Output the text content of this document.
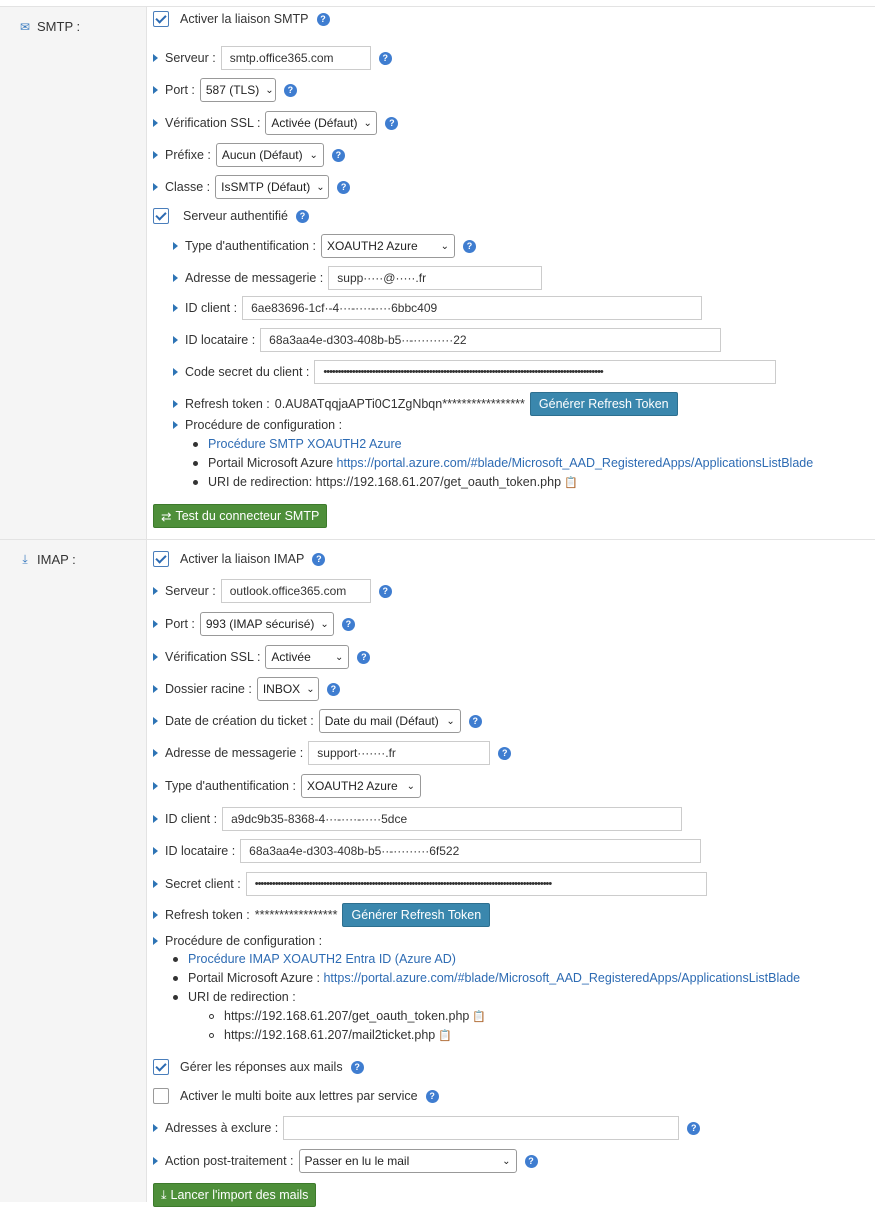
✉ SMTP :	Activer la liaison SMTP	?
Serveur :	smtp.office365.com	?
Port : 587 (TLS) ⌄	?
Vérification SSL : Activée (Défaut) ⌄	?
Préfixe : Aucun (Défaut) ⌄	?
Classe : IsSMTP (Défaut) ⌄	?
Serveur authentifié	?
Type d'authentification : XOAUTH2 Azure ⌄	?
Adresse de messagerie :	supp·····@·····.fr
ID client :	6ae83696-1cf·-4···-····-····6bbc409
ID locataire :	68a3aa4e-d303-408b-b5··-··········22
Code secret du client :	••••••••••••••••••••••••••••••••••••••••••••••••••••••••••••••••••••••••••••••••••••••••••••••••••
Refresh token : 0.AU8ATqqjaAPTi0C1ZgNbqn*****************	Générer Refresh Token
Procédure de configuration :
Procédure SMTP XOAUTH2 Azure
Portail Microsoft Azure
https://portal.azure.com/#blade/Microsoft_AAD_RegisteredApps/ApplicationsListBlade
URI de redirection: https://192.168.61.207/get_oauth_token.php 📋
⇄ Test du connecteur SMTP
⤓ IMAP :	Activer la liaison IMAP	?
Serveur :	outlook.office365.com	?
Port : 993 (IMAP sécurisé) ⌄	?
Vérification SSL : Activée ⌄	?
Dossier racine : INBOX ⌄	?
Date de création du ticket : Date du mail (Défaut) ⌄	?
Adresse de messagerie :	support·······.fr	?
Type d'authentification : XOAUTH2 Azure ⌄
ID client :	a9dc9b35-8368-4···-····-·····5dce
ID locataire :	68a3aa4e-d303-408b-b5··-·········6f522
Secret client :	••••••••••••••••••••••••••••••••••••••••••••••••••••••••••••••••••••••••••••••••••••••••••••••••••••••••
Refresh token : *****************	Générer Refresh Token
Procédure de configuration :
Procédure IMAP XOAUTH2 Entra ID (Azure AD)
Portail Microsoft Azure :
https://portal.azure.com/#blade/Microsoft_AAD_RegisteredApps/ApplicationsListBlade
URI de redirection :
https://192.168.61.207/get_oauth_token.php 📋
https://192.168.61.207/mail2ticket.php 📋
Gérer les réponses aux mails	?
Activer le multi boite aux lettres par service	?
Adresses à exclure :	?
Action post-traitement : Passer en lu le mail	⌄	?
⤓ Lancer l'import des mails
